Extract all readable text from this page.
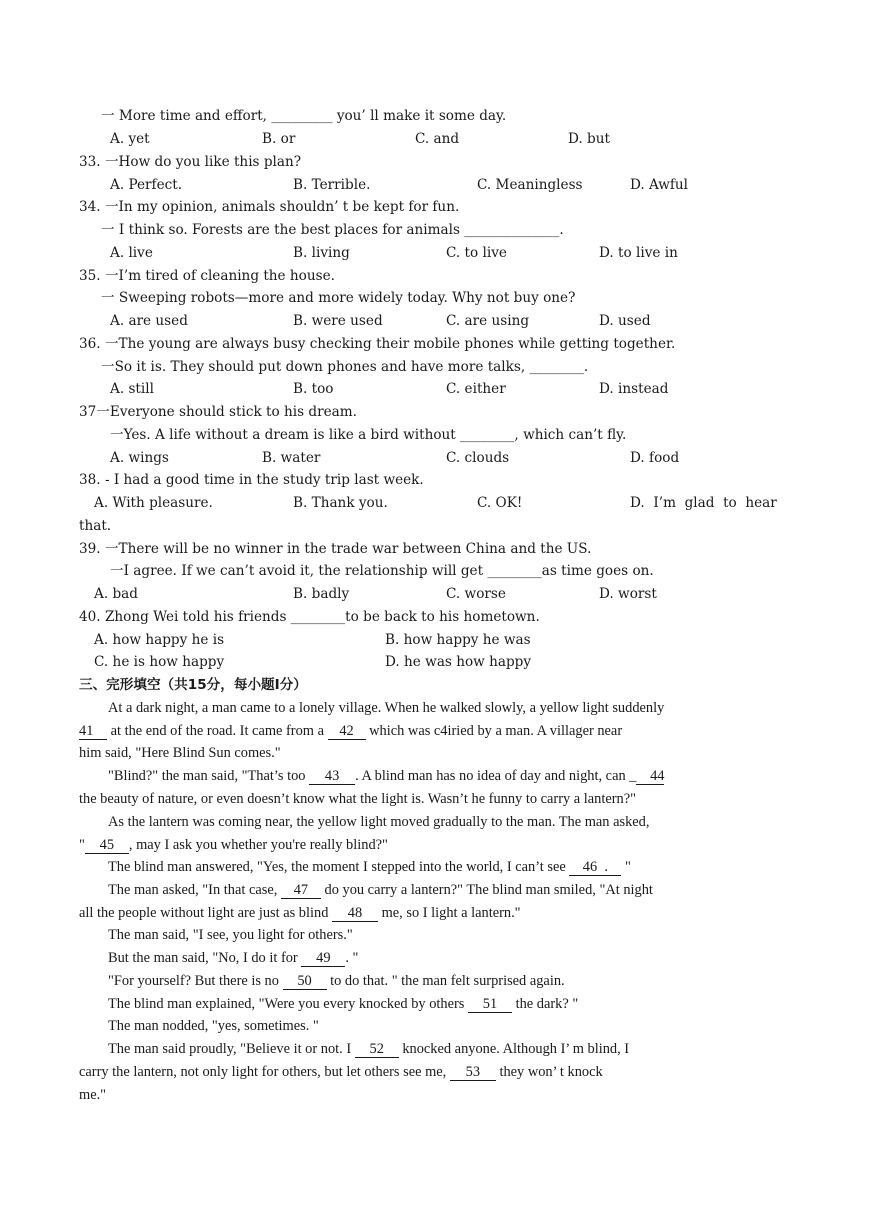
一 More time and effort, _________ you’ ll make it some day.
A. yet	B. or	C. and	D. but
33. 一How do you like this plan?
A. Perfect.	B. Terrible.	C. Meaningless	D. Awful
34. 一In my opinion, animals shouldn’ t be kept for fun.
一 I think so. Forests are the best places for animals ______________.
A. live	B. living	C. to live	D. to live in
35. 一I’m tired of cleaning the house.
一 Sweeping robots—more and more widely today. Why not buy one?
A. are used	B. were used	C. are using	D. used
36. 一The young are always busy checking their mobile phones while getting together.
一So it is. They should put down phones and have more talks, ________.
A. still	B. too	C. either	D. instead
37一Everyone should stick to his dream.
一Yes. A life without a dream is like a bird without ________, which can’t fly.
A. wings	B. water	C. clouds	D. food
38. - I had a good time in the study trip last week.
A. With pleasure.	B. Thank you.	C. OK!	D.  I’m  glad  to  hear
that.
39. 一There will be no winner in the trade war between China and the US.
一I agree. If we can’t avoid it, the relationship will get ________as time goes on.
A. bad	B. badly	C. worse	D. worst
40. Zhong Wei told his friends ________to be back to his hometown.
A. how happy he is	B. how happy he was
C. he is how happy	D. he was how happy
三、完形填空（共15分，每小题I分）
At a dark night, a man came to a lonely village. When he walked slowly, a yellow light suddenly
41 at the end of the road. It came from a 42 which was c4iried by a man. A villager near
him said, "Here Blind Sun comes."
"Blind?" the man said, "That’s too 43 . A blind man has no idea of day and night, can _ 44
the beauty of nature, or even doesn’t know what the light is. Wasn’t he funny to carry a lantern?"
As the lantern was coming near, the yellow light moved gradually to the man. The man asked,
" 45 , may I ask you whether you're really blind?"
The blind man answered, "Yes, the moment I stepped into the world, I can’t see 46  . "
The man asked, "In that case, 47 do you carry a lantern?" The blind man smiled, "At night
all the people without light are just as blind 48 me, so I light a lantern."
The man said, "I see, you light for others."
But the man said, "No, I do it for 49 . "
"For yourself? But there is no 50 to do that. " the man felt surprised again.
The blind man explained, "Were you every knocked by others 51 the dark? "
The man nodded, "yes, sometimes. "
The man said proudly, "Believe it or not. I 52 knocked anyone. Although I’ m blind, I
carry the lantern, not only light for others, but let others see me, 53 they won’ t knock
me."
